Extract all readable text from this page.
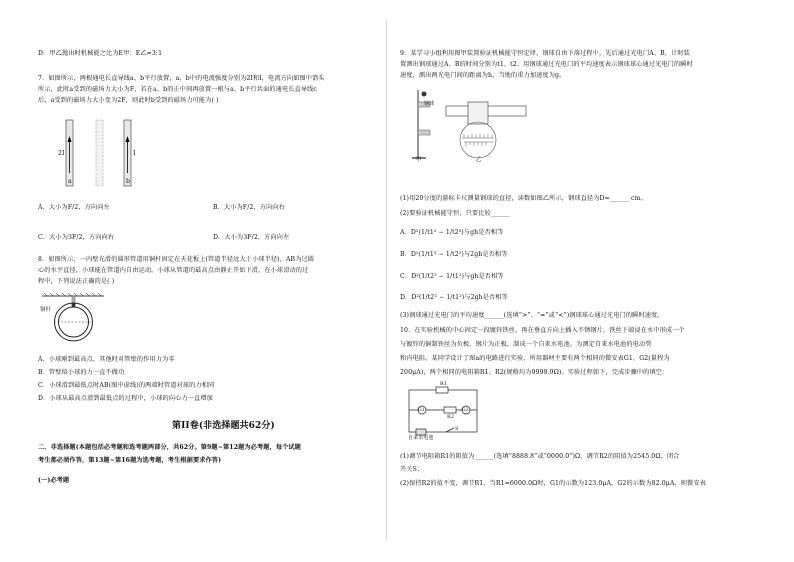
D．甲乙抛出时机械能之比为E甲：E乙=3:1
7．如图所示，两根通电长直导线a、b平行放置，a、b中的电流强度分别为2I和I，电流方向如图中箭头
所示，此时a受到的磁场力大小为F，若在a、b的正中间再放置一根与a、b平行共面的通电长直导线c
后，a受到的磁场力大小变为2F，则此时b受到的磁场力可能为( )
2I	I
a	b
A．大小为F/2，方向向左	B．大小为F/2，方向向右
C．大小为3F/2，方向向右	D．大小为3F/2，方向向左
8．如图所示，一内壁光滑的圆形管道用铜杆固定在天花板上(管道半径远大于小球半径)，AB为过圆
心的水平直径，小球能在管道内自由运动。小球从管道的最高点由静止开始下滑，在小球滑动的过
程中，下列说法正确的是( )
铜杆
A．小球刚到最高点，其他时对管壁的作用力为零
B．管壁给小球的力一直不做功
C．小球滑到最低点时AB(图中虚线)的两端时管道对球的力相同
D．小球从最高点滑到最低点的过程中，小球的向心力一直增加
第II卷(非选择题共62分)
二、非选择题(本题包括必考题和选考题两部分，共62分。第9题~第12题为必考题，每个试题
考生都必须作答，第13题~第16题为选考题，考生根据要求作答)
(一)必考题
9．某学习小组利用图甲装置验证机械能守恒定律，钢球自由下落过程中，先后通过光电门A、B，计时装
置测出钢球通过A、B的时间分别为t1、t2。用钢球通过光电门的平均速度表示钢球球心通过光电门的瞬时
速度，测出两光电门间的距离为h，当地的重力加速度为g。
钢球
甲	乙
(1)用20分度的游标卡尺测量钢球的直径，读数如图乙所示，钢球直径为D=______ cm。
(2)要验证机械能守恒，只要比较______
A．D²(1/t1² − 1/t2²)与gh是否相等
B．D²(1/t1² − 1/t2²)与2gh是否相等
C．D²(1/t2² − 1/t1²)与gh是否相等
D．D²(1/t2² − 1/t1²)与2gh是否相等
(3)钢球通过光电门的平均速度______(选填“>”、“=”或“<”)钢球球心通过光电门的瞬时速度。
10．在实验机械的中心固定一段镀锌铁丝，再在垂直方向上插入不锈钢片，铁丝下端浸在水中形成一个
与镀锌的铜制铁丝为负极，钢片为正极，制成一个自来水电池。为测定自来水电池的电动势
和内电阻，某同学设计了图a的电路进行实验，所用器材主要有两个相同的微安表G1、G2(量程为
200μA)，两个相同的电阻箱R1、R2(规格均为9999.9Ω)。实验过程如下，完成步骤中的填空：
R1
G1
R2
G2
S
自来水电池
(1)调节电阻箱R1的阻值为______(选填“8888.8”或“0000.0”)Ω，调节R2的阻值为2545.0Ω，闭合
开关S；
(2)保持R2的值不变，调节R1，当R1=6000.0Ω时，G1的示数为123.0μA，G2的示数为82.0μA，则微安表
